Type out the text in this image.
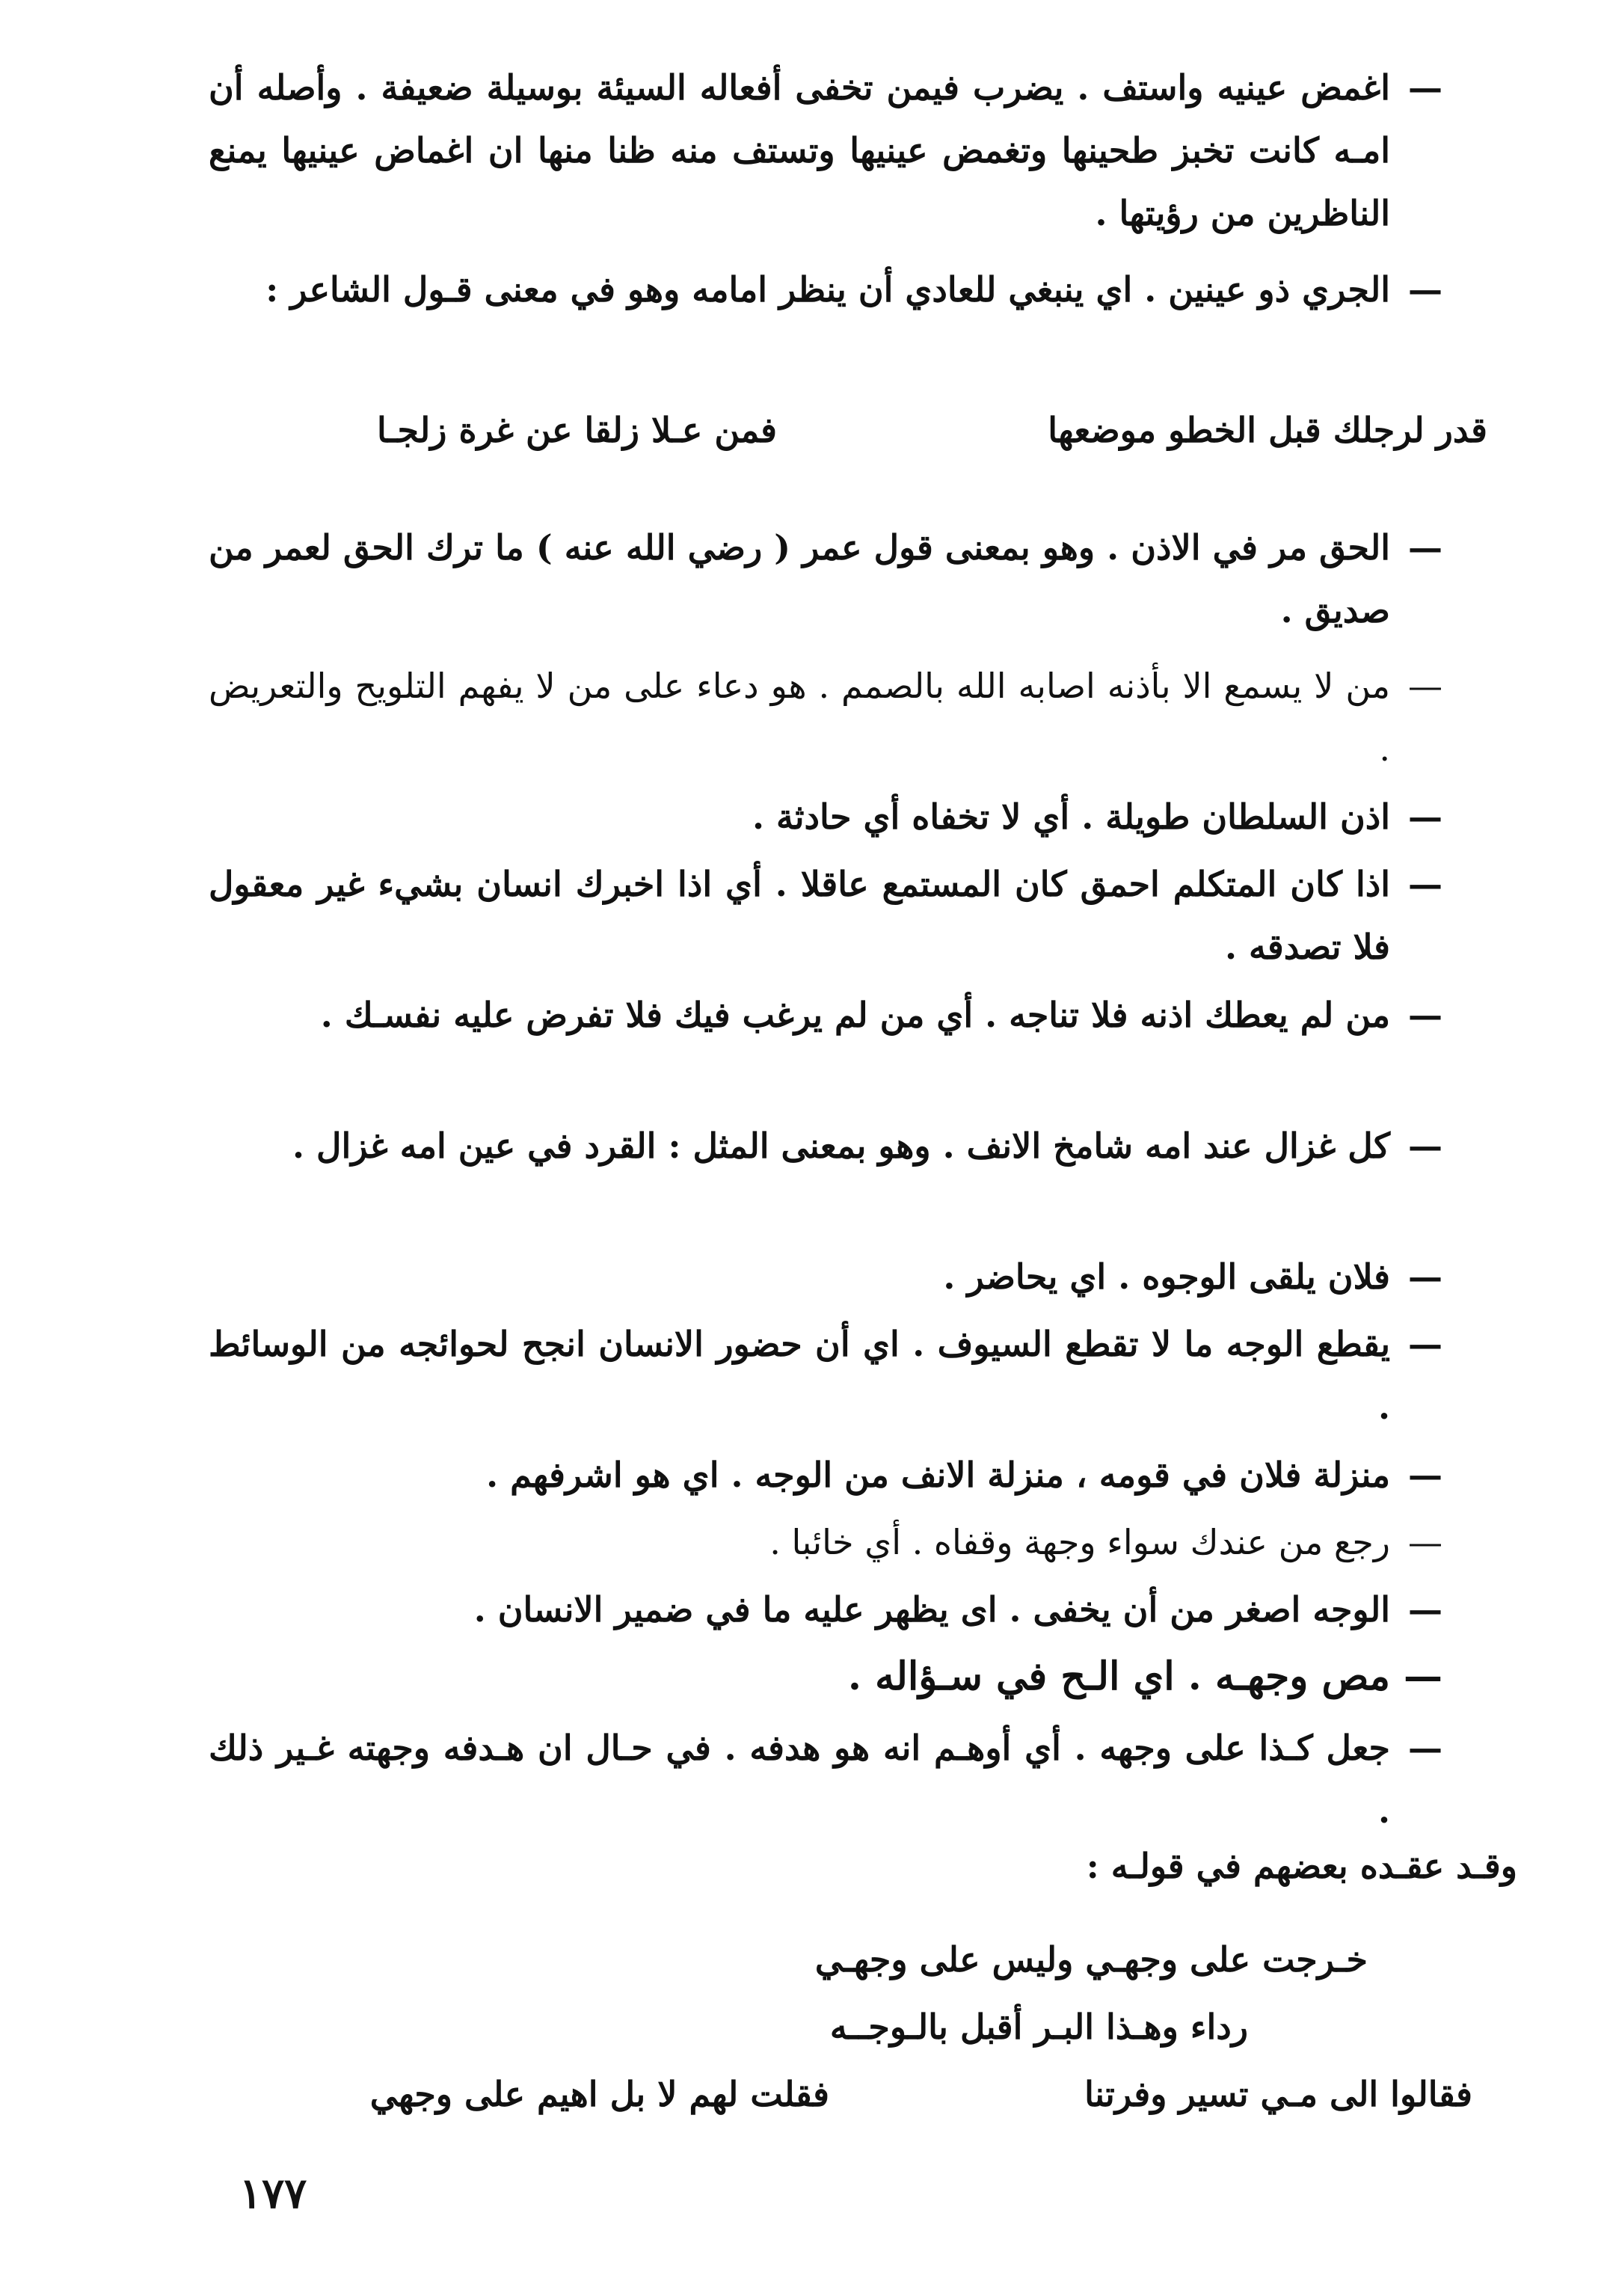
—
اغمض عينيه واستف . يضرب فيمن تخفى أفعاله السيئة بوسيلة ضعيفة . وأصله أن امـه كانت تخبز طحينها وتغمض عينيها وتستف منه ظنا منها ان اغماض عينيها يمنع الناظرين من رؤيتها .
—
الجري ذو عينين . اي ينبغي للعادي أن ينظر امامه وهو في معنى قـول الشاعر :
قدر لرجلك قبل الخطو موضعها
فمن عـلا زلقا عن غرة زلجـا
—
الحق مر في الاذن . وهو بمعنى قول عمر ( رضي الله عنه ) ما ترك الحق لعمر من صديق .
—
من لا يسمع الا بأذنه اصابه الله بالصمم . هو دعاء على من لا يفهم التلويح والتعريض .
—
اذن السلطان طويلة . أي لا تخفاه أي حادثة .
—
اذا كان المتكلم احمق كان المستمع عاقلا . أي اذا اخبرك انسان بشيء غير معقول فلا تصدقه .
—
من لم يعطك اذنه فلا تناجه . أي من لم يرغب فيك فلا تفرض عليه نفسـك .
—
كل غزال عند امه شامخ الانف . وهو بمعنى المثل : القرد في عين امه غزال .
—
فلان يلقى الوجوه . اي يحاضر .
—
يقطع الوجه ما لا تقطع السيوف . اي أن حضور الانسان انجح لحوائجه من الوسائط .
—
منزلة فلان في قومه ، منزلة الانف من الوجه . اي هو اشرفهم .
—
رجع من عندك سواء وجهة وقفاه . أي خائبا .
—
الوجه اصغر من أن يخفى . اى يظهر عليه ما في ضمير الانسان .
—
مص وجهـه . اي الـح في سـؤاله .
—
جعل كـذا على وجهه . أي أوهـم انه هو هدفه . في حـال ان هـدفه وجهته غـير ذلك .
وقـد عقـده بعضهم في قولـه :
خـرجت على وجهـي وليس على وجهـي
رداء وهـذا البـر أقبل بالـوجــه
فقالوا الى مـي تسير وفرتنا
فقلت لهم لا بل اهيم على وجهي
١٧٧
